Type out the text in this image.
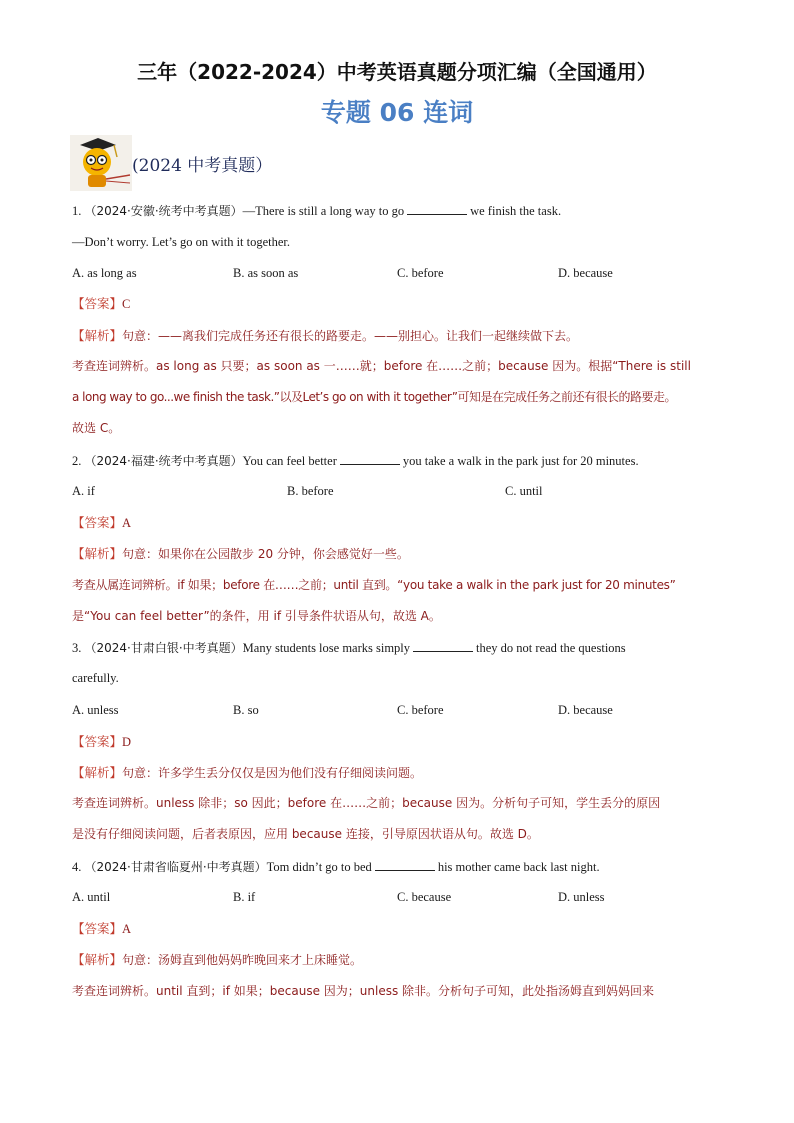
三年（2022-2024）中考英语真题分项汇编（全国通用）
专题 06 连词
(2024 中考真题）
1. （2024·安徽·统考中考真题）—There is still a long way to go	we finish the task.
—Don’t worry. Let’s go on with it together.
A. as long as	B. as soon as	C. before	D. because
【答案】C
【解析】句意：——离我们完成任务还有很长的路要走。——别担心。让我们一起继续做下去。
考查连词辨析。as long as 只要；as soon as 一……就；before 在……之前；because 因为。根据“There is still
a long way to go...we finish the task.”以及Let’s go on with it together”可知是在完成任务之前还有很长的路要走。
故选 C。
2. （2024·福建·统考中考真题）You can feel better	you take a walk in the park just for 20 minutes.
A. if	B. before	C. until
【答案】A
【解析】句意：如果你在公园散步 20 分钟，你会感觉好一些。
考查从属连词辨析。if 如果；before 在……之前；until 直到。“you take a walk in the park just for 20 minutes”
是“You can feel better”的条件，用 if 引导条件状语从句，故选 A。
3. （2024·甘肃白银·中考真题）Many students lose marks simply	they do not read the questions
carefully.
A. unless	B. so	C. before	D. because
【答案】D
【解析】句意：许多学生丢分仅仅是因为他们没有仔细阅读问题。
考查连词辨析。unless 除非；so 因此；before 在……之前；because 因为。分析句子可知，学生丢分的原因
是没有仔细阅读问题，后者表原因，应用 because 连接，引导原因状语从句。故选 D。
4. （2024·甘肃省临夏州·中考真题）Tom didn’t go to bed	his mother came back last night.
A. until	B. if	C. because	D. unless
【答案】A
【解析】句意：汤姆直到他妈妈昨晚回来才上床睡觉。
考查连词辨析。until 直到；if 如果；because 因为；unless 除非。分析句子可知，此处指汤姆直到妈妈回来
